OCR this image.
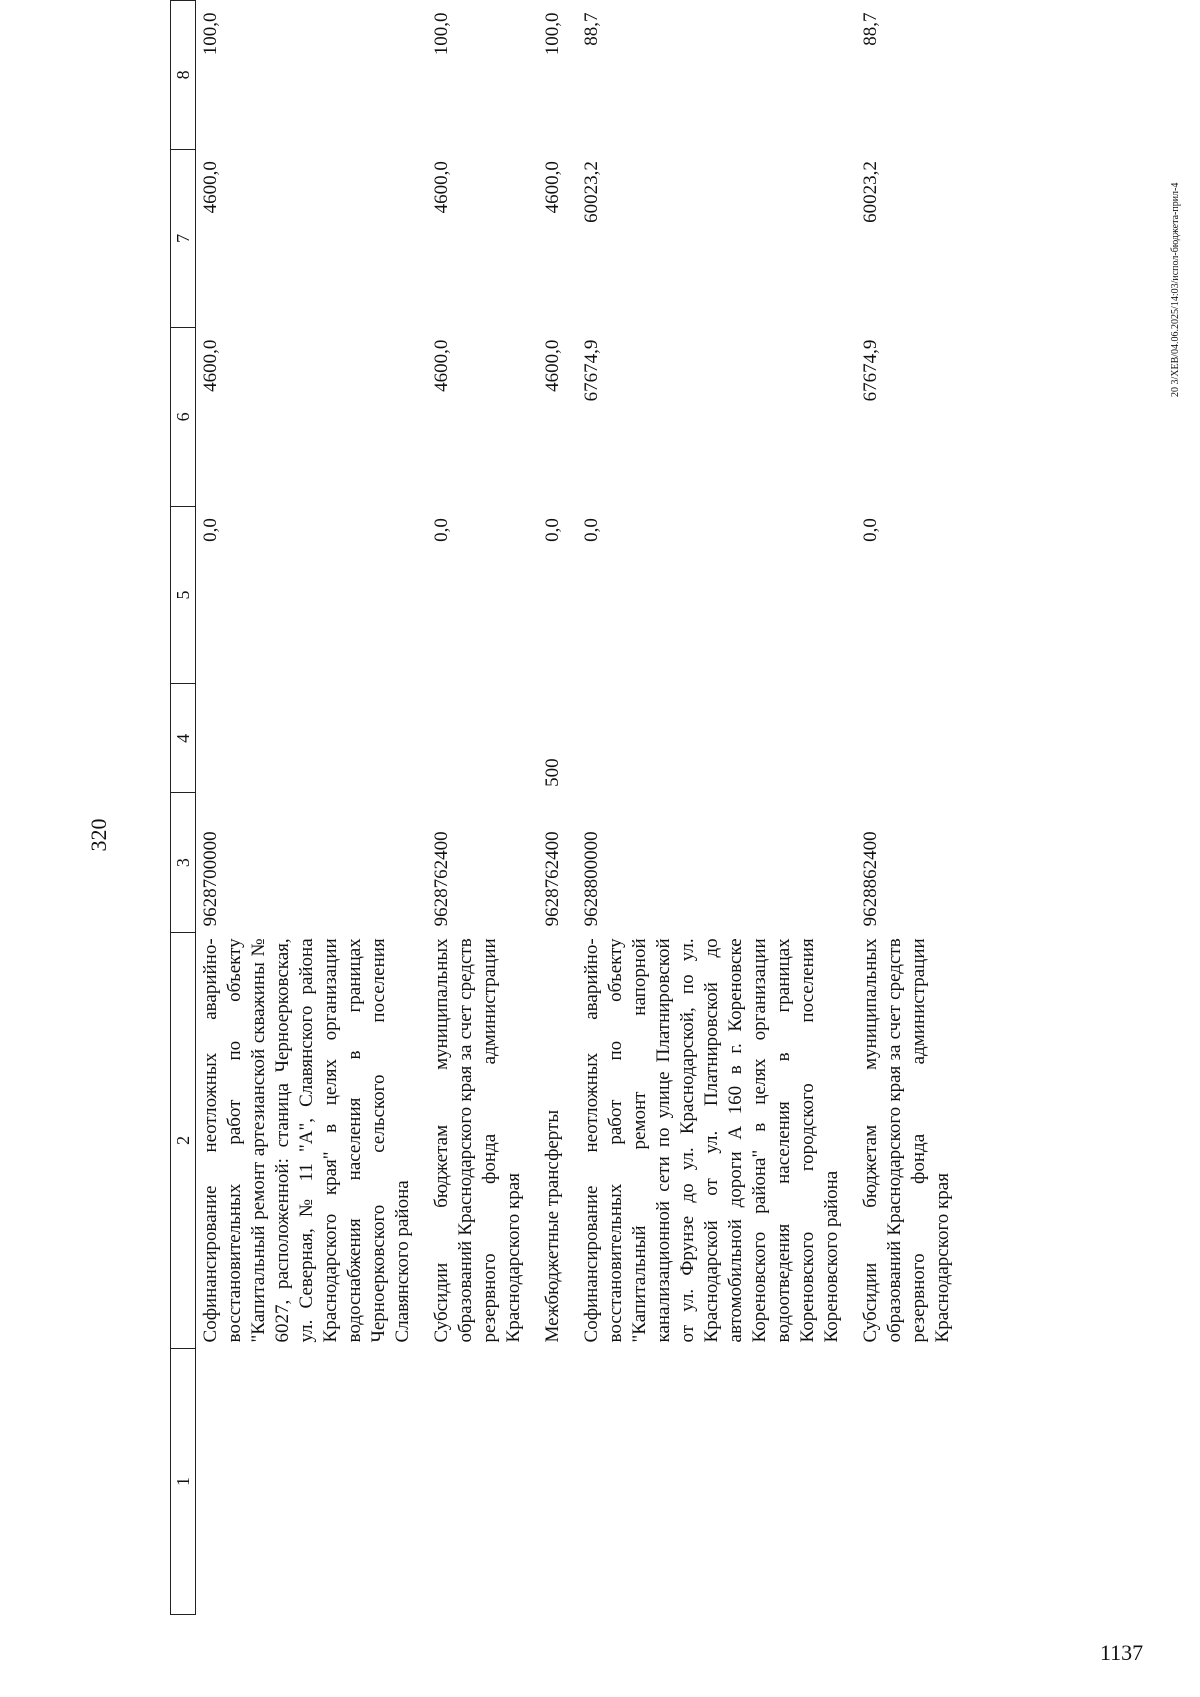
320
1	2	3	4	5	6	7	8
	Софинансирование неотложных аварийно-восстановительных работ по объекту "Капитальный ремонт артезианской скважины № 6027, расположенной: станица Черноерковская, ул. Северная, № 11 "А", Славянского района Краснодарского края" в целях организации водоснабжения населения в границах Черноерковского сельского поселения Славянского района	9628700000		0,0	4600,0	4600,0	100,0
	Субсидии бюджетам муниципальных образований Краснодарского края за счет средств резервного фонда администрации Краснодарского края	9628762400		0,0	4600,0	4600,0	100,0
	Межбюджетные трансферты	9628762400	500	0,0	4600,0	4600,0	100,0
	Софинансирование неотложных аварийно-восстановительных работ по объекту "Капитальный ремонт напорной канализационной сети по улице Платнировской от ул. Фрунзе до ул. Краснодарской, по ул. Краснодарской от ул. Платнировской до автомобильной дороги А 160 в г. Кореновске Кореновского района" в целях организации водоотведения населения в границах Кореновского городского поселения Кореновского района	9628800000		0,0	67674,9	60023,2	88,7
	Субсидии бюджетам муниципальных образований Краснодарского края за счет средств резервного фонда администрации Краснодарского края	9628862400		0,0	67674,9	60023,2	88,7
20 3/ХЕВ/04.06.2025/14:03/испол-бюджета-прил-4
1137
